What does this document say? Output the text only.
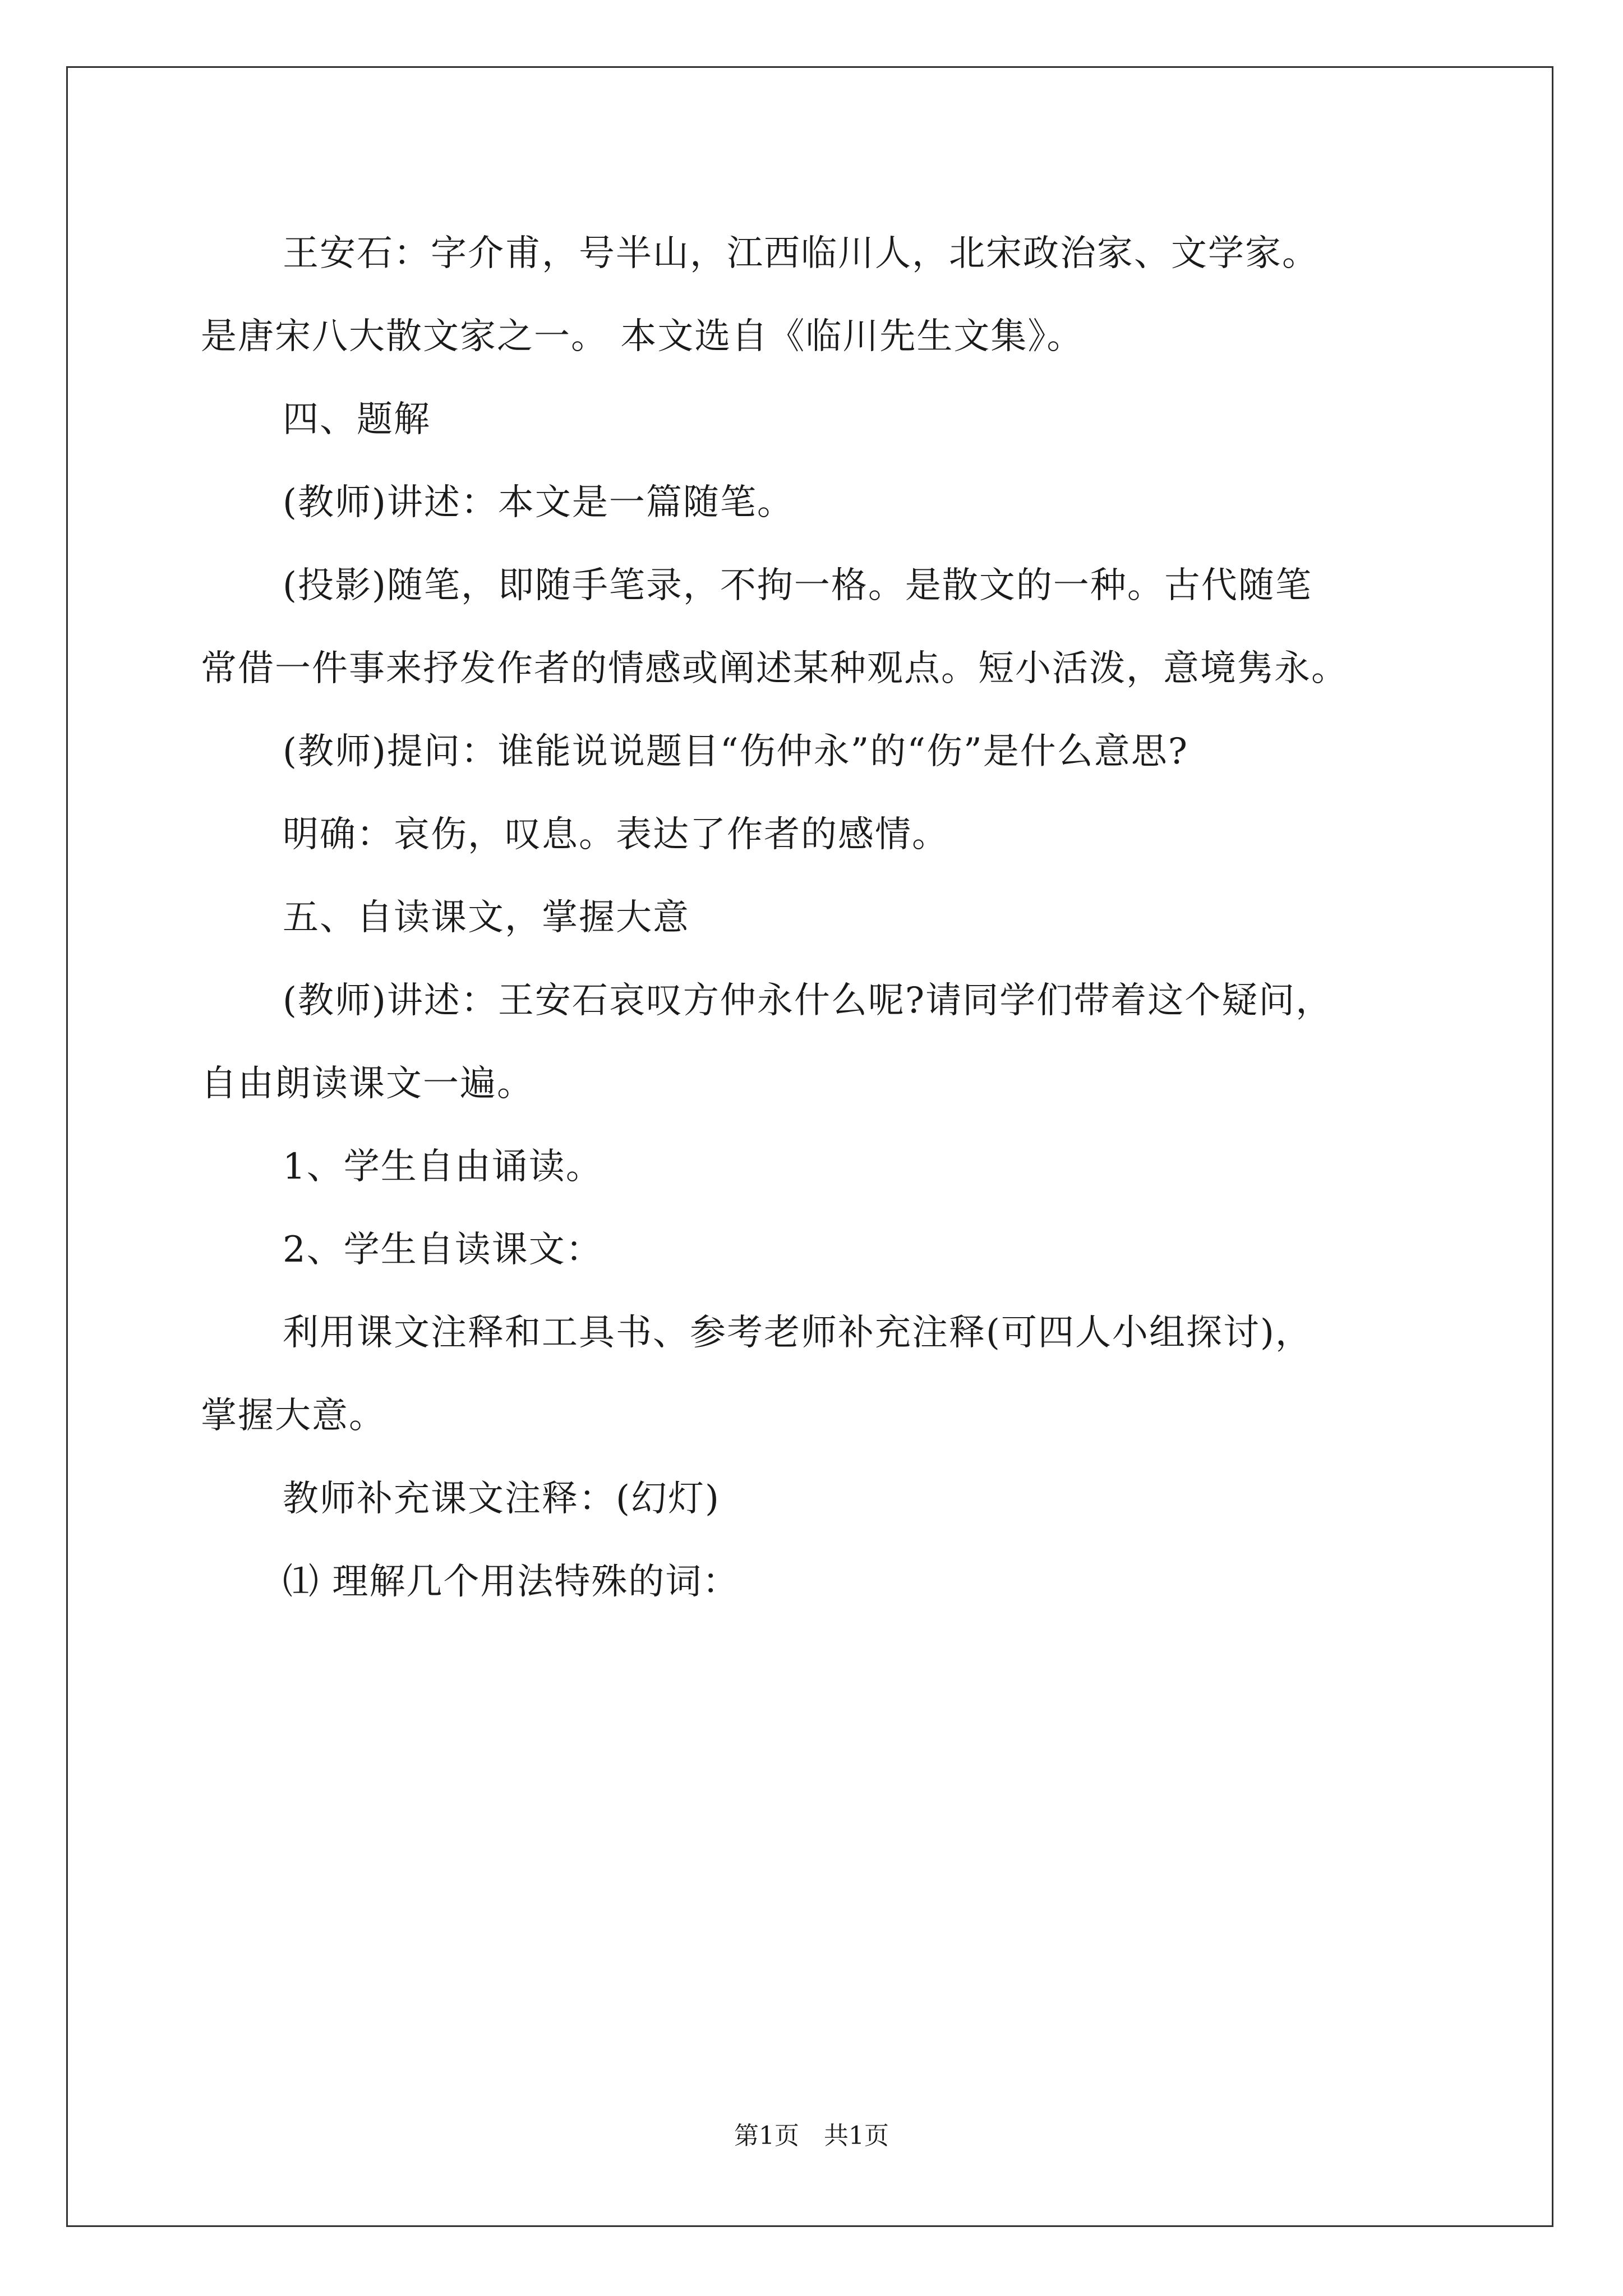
王安石：字介甫，号半山，江西临川人，北宋政治家、文学家。

是唐宋八大散文家之一。 本文选自《临川先生文集》。

四、题解

(教师)讲述：本文是一篇随笔。

(投影)随笔，即随手笔录，不拘一格。是散文的一种。古代随笔

常借一件事来抒发作者的情感或阐述某种观点。短小活泼，意境隽永。

(教师)提问：谁能说说题目“伤仲永”的“伤”是什么意思?

明确：哀伤，叹息。表达了作者的感情。

五、自读课文，掌握大意

(教师)讲述：王安石哀叹方仲永什么呢?请同学们带着这个疑问，

自由朗读课文一遍。

1、学生自由诵读。

2、学生自读课文：

利用课文注释和工具书、参考老师补充注释(可四人小组探讨)，

掌握大意。

教师补充课文注释：(幻灯)

⑴ 理解几个用法特殊的词：

第1页　共1页
